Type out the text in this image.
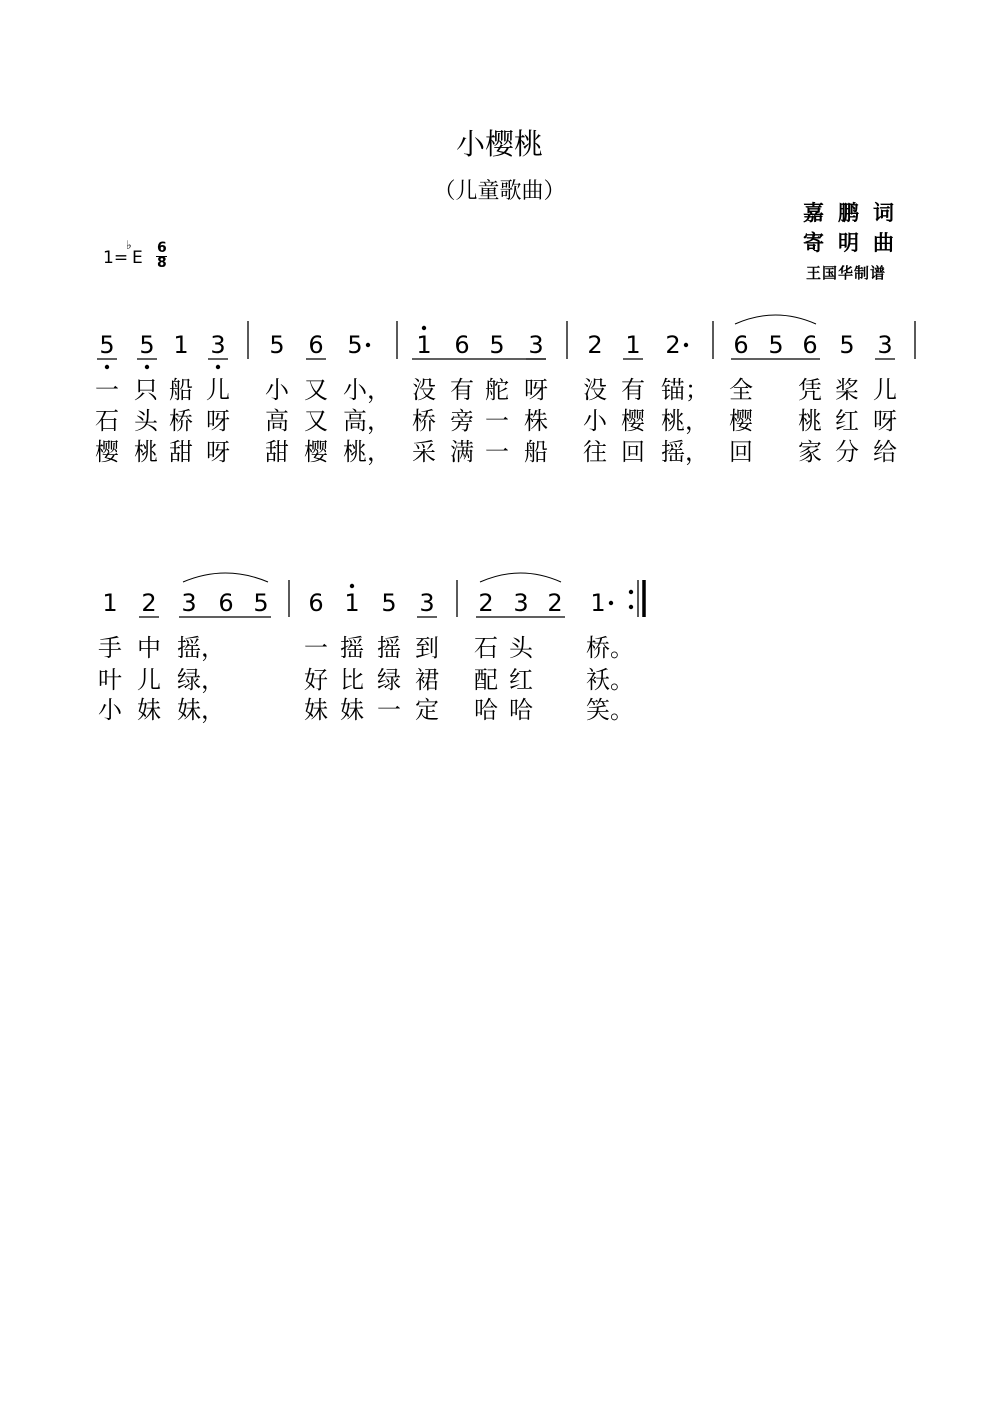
小樱桃
（儿童歌曲）
嘉鹏词
寄明曲
王国华制谱
1=
♭
E 6
8
5 5 1 3 5 6 5 1 6 5 3 2 1 2 6 5 6 5 3
一 只 船 儿 小 又 小， 没 有 舵 呀 没 有 锚； 全 凭 桨 儿
石 头 桥 呀 高 又 高， 桥 旁 一 株 小 樱 桃， 樱 桃 红 呀
樱 桃 甜 呀 甜 樱 桃， 采 满 一 船 往 回 摇， 回 家 分 给
1 2 3 6 5 6 1 5 3 2 3 2 1
手 中 摇，	一 摇 摇 到 石 头 桥。
叶 儿 绿，	好 比 绿 裙 配 红 袄。
小 妹 妹，	妹 妹 一 定 哈 哈 笑。
